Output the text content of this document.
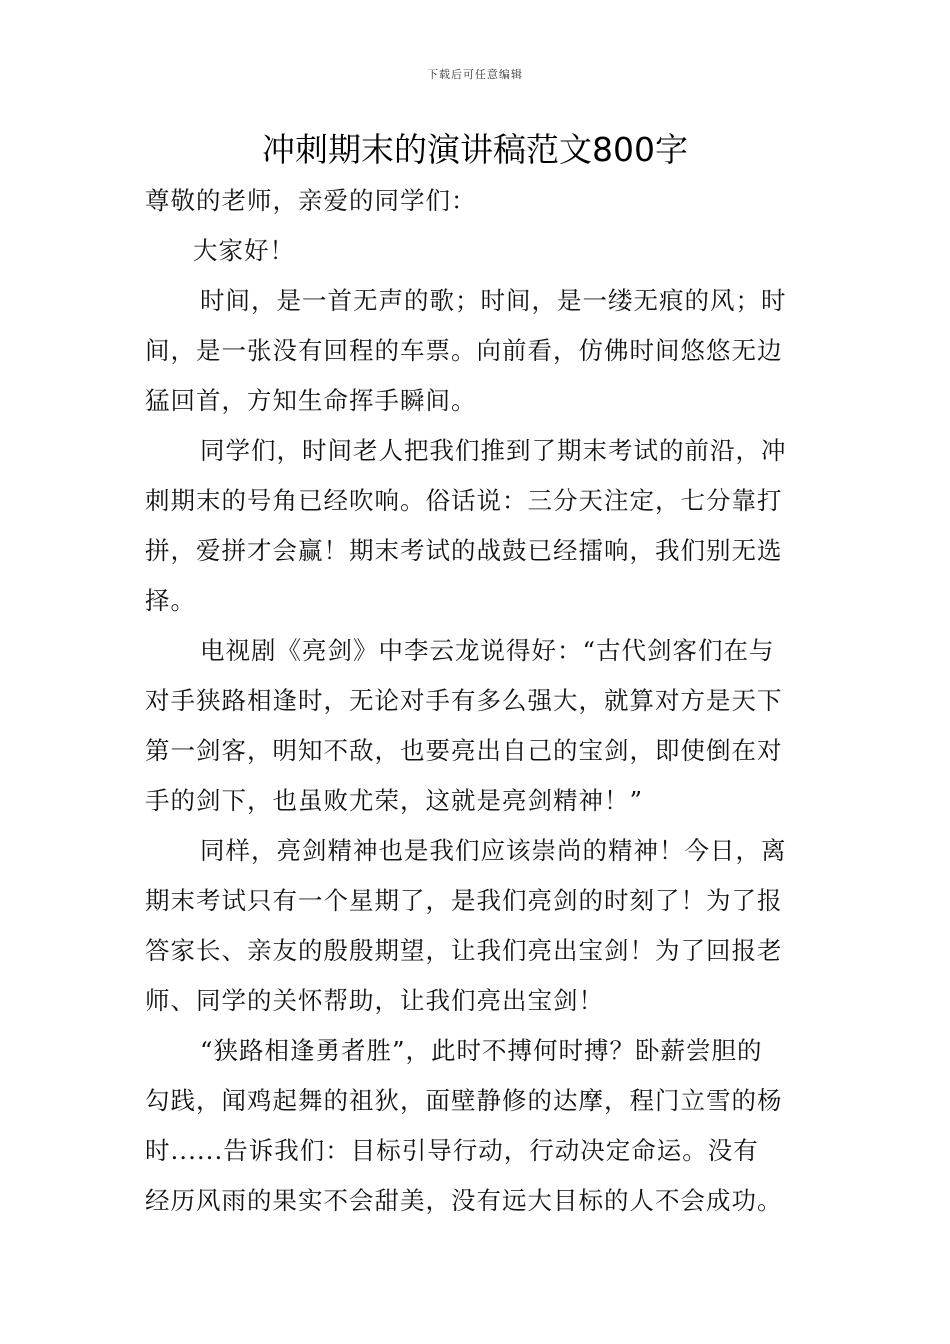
下载后可任意编辑
冲刺期末的演讲稿范文800字
尊敬的老师，亲爱的同学们：
大家好！
时间，是一首无声的歌；时间，是一缕无痕的风；时
间，是一张没有回程的车票。向前看，仿佛时间悠悠无边
猛回首，方知生命挥手瞬间。
同学们，时间老人把我们推到了期末考试的前沿，冲
刺期末的号角已经吹响。俗话说：三分天注定，七分靠打
拼，爱拼才会赢！期末考试的战鼓已经擂响，我们别无选
择。
电视剧《亮剑》中李云龙说得好：“古代剑客们在与
对手狭路相逢时，无论对手有多么强大，就算对方是天下
第一剑客，明知不敌，也要亮出自己的宝剑，即使倒在对
手的剑下，也虽败尤荣，这就是亮剑精神！”
同样，亮剑精神也是我们应该崇尚的精神！今日，离
期末考试只有一个星期了，是我们亮剑的时刻了！为了报
答家长、亲友的殷殷期望，让我们亮出宝剑！为了回报老
师、同学的关怀帮助，让我们亮出宝剑！
“狭路相逢勇者胜”，此时不搏何时搏？卧薪尝胆的
勾践，闻鸡起舞的祖狄，面壁静修的达摩，程门立雪的杨
时......告诉我们：目标引导行动，行动决定命运。没有
经历风雨的果实不会甜美，没有远大目标的人不会成功。
